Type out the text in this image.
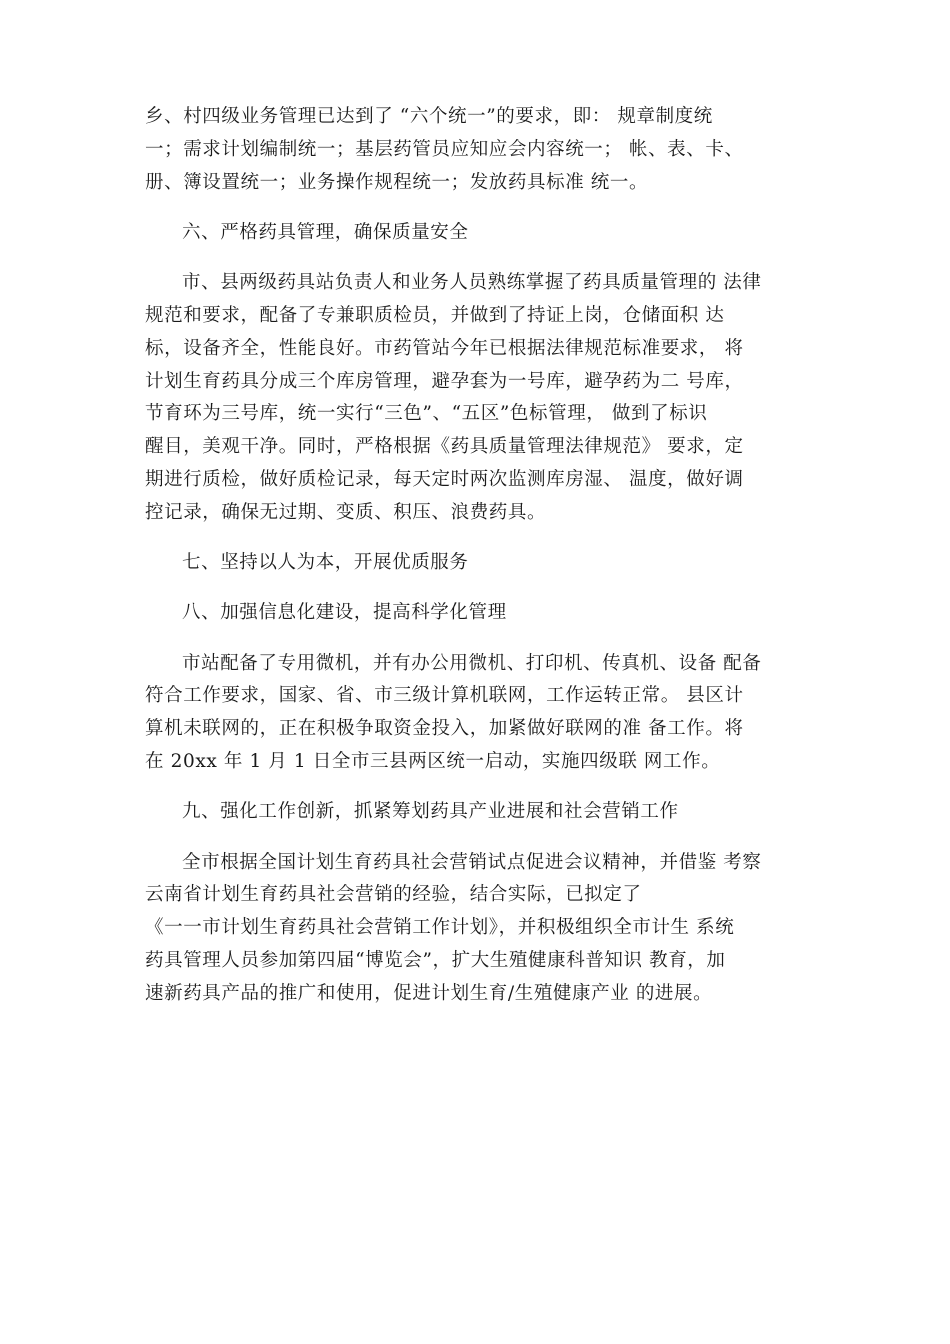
乡、村四级业务管理已达到了 “六个统一”的要求，即： 规章制度统
一；需求计划编制统一；基层药管员应知应会内容统一； 帐、表、卡、
册、簿设置统一；业务操作规程统一；发放药具标准 统一。

六、严格药具管理，确保质量安全

市、县两级药具站负责人和业务人员熟练掌握了药具质量管理的 法律
规范和要求，配备了专兼职质检员，并做到了持证上岗，仓储面积 达
标，设备齐全，性能良好。市药管站今年已根据法律规范标准要求， 将
计划生育药具分成三个库房管理，避孕套为一号库，避孕药为二 号库，
节育环为三号库，统一实行“三色”、“五区”色标管理， 做到了标识
醒目，美观干净。同时，严格根据《药具质量管理法律规范》 要求，定
期进行质检，做好质检记录，每天定时两次监测库房湿、 温度，做好调
控记录，确保无过期、变质、积压、浪费药具。

七、坚持以人为本，开展优质服务

八、加强信息化建设，提高科学化管理

市站配备了专用微机，并有办公用微机、打印机、传真机、设备 配备
符合工作要求，国家、省、市三级计算机联网，工作运转正常。 县区计
算机未联网的，正在积极争取资金投入，加紧做好联网的准 备工作。将
在 20xx 年 1 月 1 日全市三县两区统一启动，实施四级联 网工作。

九、强化工作创新，抓紧筹划药具产业进展和社会营销工作

全市根据全国计划生育药具社会营销试点促进会议精神，并借鉴 考察
云南省计划生育药具社会营销的经验，结合实际，已拟定了
《一一市计划生育药具社会营销工作计划》，并积极组织全市计生 系统
药具管理人员参加第四届“博览会”，扩大生殖健康科普知识 教育，加
速新药具产品的推广和使用，促进计划生育/生殖健康产业 的进展。
